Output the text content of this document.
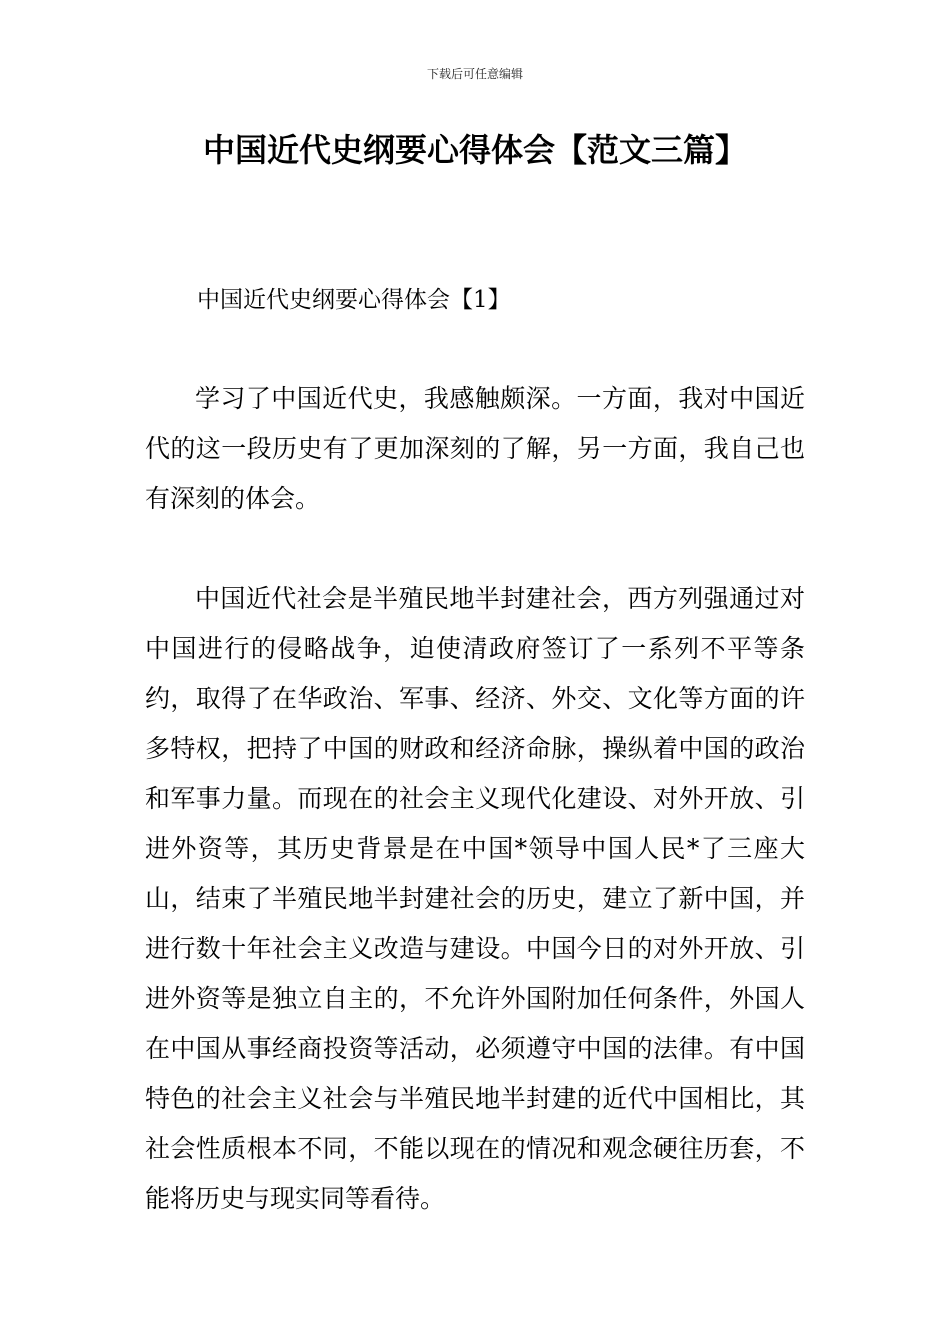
下载后可任意编辑
中国近代史纲要心得体会【范文三篇】
中国近代史纲要心得体会【1】

学习了中国近代史，我感触颇深。一方面，我对中国近代的这一段历史有了更加深刻的了解，另一方面，我自己也有深刻的体会。

中国近代社会是半殖民地半封建社会，西方列强通过对中国进行的侵略战争，迫使清政府签订了一系列不平等条约，取得了在华政治、军事、经济、外交、文化等方面的许多特权，把持了中国的财政和经济命脉，操纵着中国的政治和军事力量。而现在的社会主义现代化建设、对外开放、引进外资等，其历史背景是在中国*领导中国人民*了三座大山，结束了半殖民地半封建社会的历史，建立了新中国，并进行数十年社会主义改造与建设。中国今日的对外开放、引进外资等是独立自主的，不允许外国附加任何条件，外国人在中国从事经商投资等活动，必须遵守中国的法律。有中国特色的社会主义社会与半殖民地半封建的近代中国相比，其社会性质根本不同，不能以现在的情况和观念硬往历套，不能将历史与现实同等看待。
